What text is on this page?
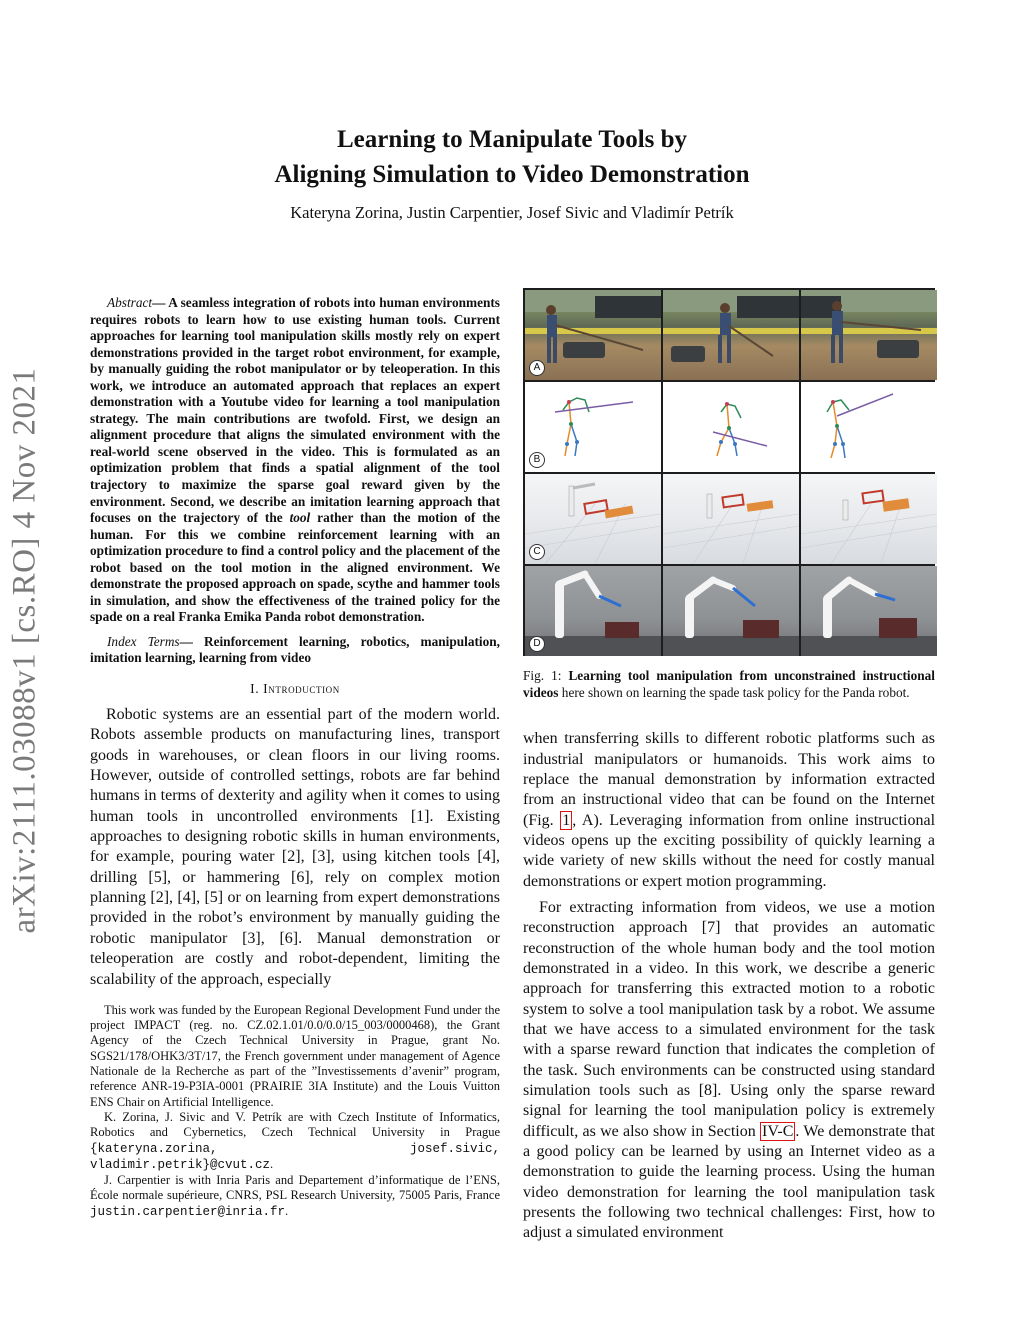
arXiv:2111.03088v1 [cs.RO] 4 Nov 2021
Learning to Manipulate Tools by
Aligning Simulation to Video Demonstration
Kateryna Zorina, Justin Carpentier, Josef Sivic and Vladimír Petrík

Abstract— A seamless integration of robots into human environments requires robots to learn how to use existing human tools. Current approaches for learning tool manipulation skills mostly rely on expert demonstrations provided in the target robot environment, for example, by manually guiding the robot manipulator or by teleoperation. In this work, we introduce an automated approach that replaces an expert demonstration with a Youtube video for learning a tool manipulation strategy. The main contributions are twofold. First, we design an alignment procedure that aligns the simulated environment with the real-world scene observed in the video. This is formulated as an optimization problem that finds a spatial alignment of the tool trajectory to maximize the sparse goal reward given by the environment. Second, we describe an imitation learning approach that focuses on the trajectory of the tool rather than the motion of the human. For this we combine reinforcement learning with an optimization procedure to find a control policy and the placement of the robot based on the tool motion in the aligned environment. We demonstrate the proposed approach on spade, scythe and hammer tools in simulation, and show the effectiveness of the trained policy for the spade on a real Franka Emika Panda robot demonstration.

Index Terms— Reinforcement learning, robotics, manipulation, imitation learning, learning from video

I. Introduction

Robotic systems are an essential part of the modern world. Robots assemble products on manufacturing lines, transport goods in warehouses, or clean floors in our living rooms. However, outside of controlled settings, robots are far behind humans in terms of dexterity and agility when it comes to using human tools in uncontrolled environments [1]. Existing approaches to designing robotic skills in human environments, for example, pouring water [2], [3], using kitchen tools [4], drilling [5], or hammering [6], rely on complex motion planning [2], [4], [5] or on learning from expert demonstrations provided in the robot’s environment by manually guiding the robotic manipulator [3], [6]. Manual demonstration or teleoperation are costly and robot-dependent, limiting the scalability of the approach, especially

This work was funded by the European Regional Development Fund under the project IMPACT (reg. no. CZ.02.1.01/0.0/0.0/15_003/0000468), the Grant Agency of the Czech Technical University in Prague, grant No. SGS21/178/OHK3/3T/17, the French government under management of Agence Nationale de la Recherche as part of the ”Investissements d’avenir” program, reference ANR-19-P3IA-0001 (PRAIRIE 3IA Institute) and the Louis Vuitton ENS Chair on Artificial Intelligence.

K. Zorina, J. Sivic and V. Petrík are with Czech Institute of Informatics, Robotics and Cybernetics, Czech Technical University in Prague {kateryna.zorina, josef.sivic, vladimir.petrik}@cvut.cz.

J. Carpentier is with Inria Paris and Departement d’informatique de l’ENS, École normale supérieure, CNRS, PSL Research University, 75005 Paris, France justin.carpentier@inria.fr.

A
B
C
D
Fig. 1: Learning tool manipulation from unconstrained instructional videos here shown on learning the spade task policy for the Panda robot.

when transferring skills to different robotic platforms such as industrial manipulators or humanoids. This work aims to replace the manual demonstration by information extracted from an instructional video that can be found on the Internet (Fig. 1 , A). Leveraging information from online instructional videos opens up the exciting possibility of quickly learning a wide variety of new skills without the need for costly manual demonstrations or expert motion programming.

For extracting information from videos, we use a motion reconstruction approach [7] that provides an automatic reconstruction of the whole human body and the tool motion demonstrated in a video. In this work, we describe a generic approach for transferring this extracted motion to a robotic system to solve a tool manipulation task by a robot. We assume that we have access to a simulated environment for the task with a sparse reward function that indicates the completion of the task. Such environments can be constructed using standard simulation tools such as [8]. Using only the sparse reward signal for learning the tool manipulation policy is extremely difficult, as we also show in Section IV-C . We demonstrate that a good policy can be learned by using an Internet video as a demonstration to guide the learning process. Using the human video demonstration for learning the tool manipulation task presents the following two technical challenges: First, how to adjust a simulated environment
